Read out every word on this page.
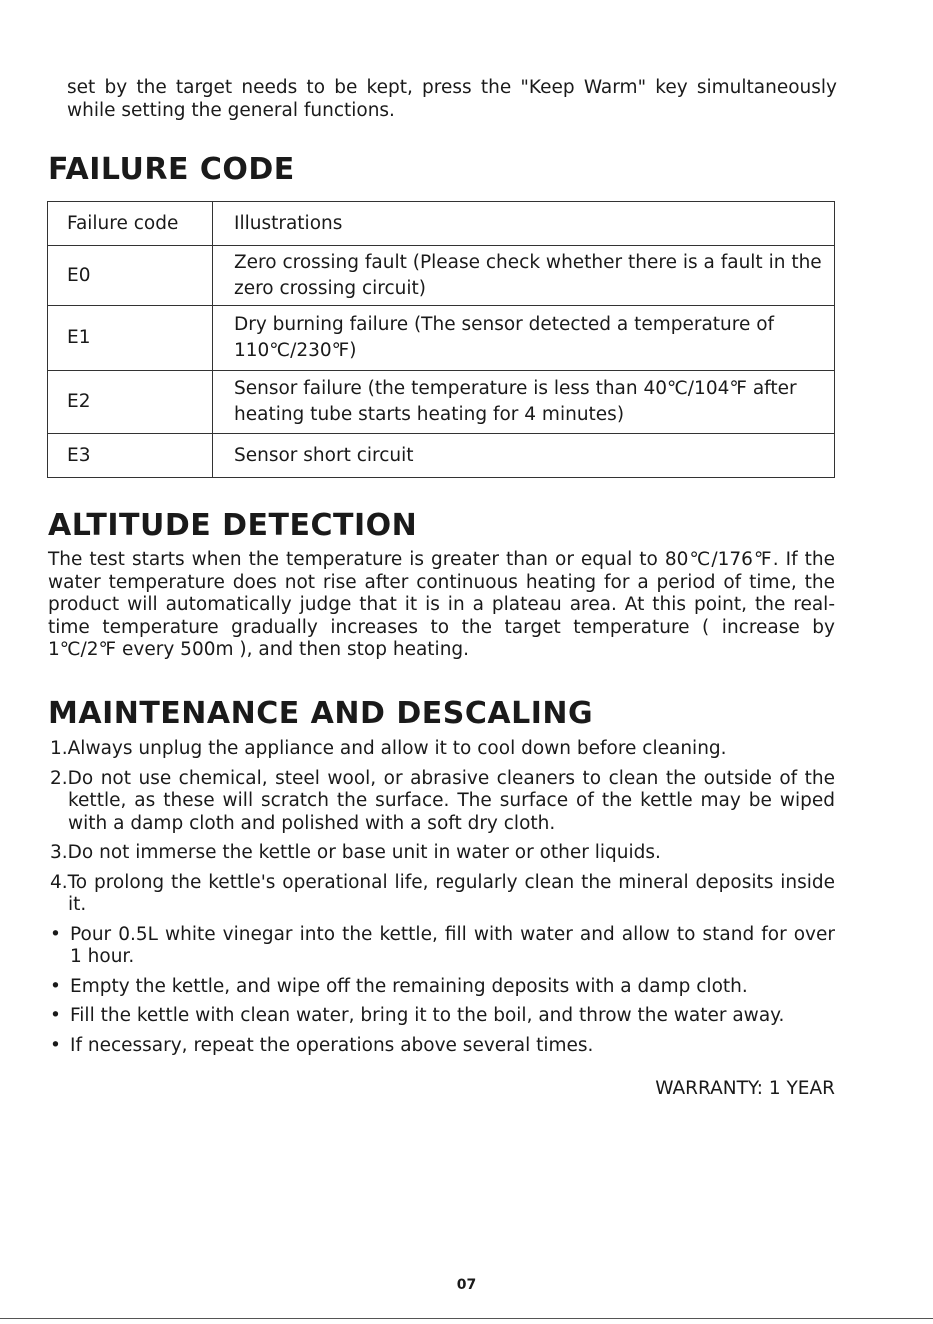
set by the target needs to be kept, press the "Keep Warm" key simultaneously while setting the general functions.

FAILURE CODE
Failure code	Illustrations
E0	Zero crossing fault (Please check whether there is a fault in the zero crossing circuit)
E1	Dry burning failure (The sensor detected a temperature of 110℃/230℉)
E2	Sensor failure (the temperature is less than 40℃/104℉ after heating tube starts heating for 4 minutes)
E3	Sensor short circuit
ALTITUDE DETECTION

The test starts when the temperature is greater than or equal to 80℃/176℉. If the water temperature does not rise after continuous heating for a period of time, the product will automatically judge that it is in a plateau area. At this point, the real-time temperature gradually increases to the target temperature ( increase by 1℃/2℉ every 500m ), and then stop heating.

MAINTENANCE AND DESCALING

1.Always unplug the appliance and allow it to cool down before cleaning.

2.Do not use chemical, steel wool, or abrasive cleaners to clean the outside of the kettle, as these will scratch the surface. The surface of the kettle may be wiped with a damp cloth and polished with a soft dry cloth.

3.Do not immerse the kettle or base unit in water or other liquids.

4.To prolong the kettle's operational life, regularly clean the mineral deposits inside it.

• Pour 0.5L white vinegar into the kettle, fill with water and allow to stand for over 1 hour.
• Empty the kettle, and wipe off the remaining deposits with a damp cloth.
• Fill the kettle with clean water, bring it to the boil, and throw the water away.
• If necessary, repeat the operations above several times.
WARRANTY: 1 YEAR
07
